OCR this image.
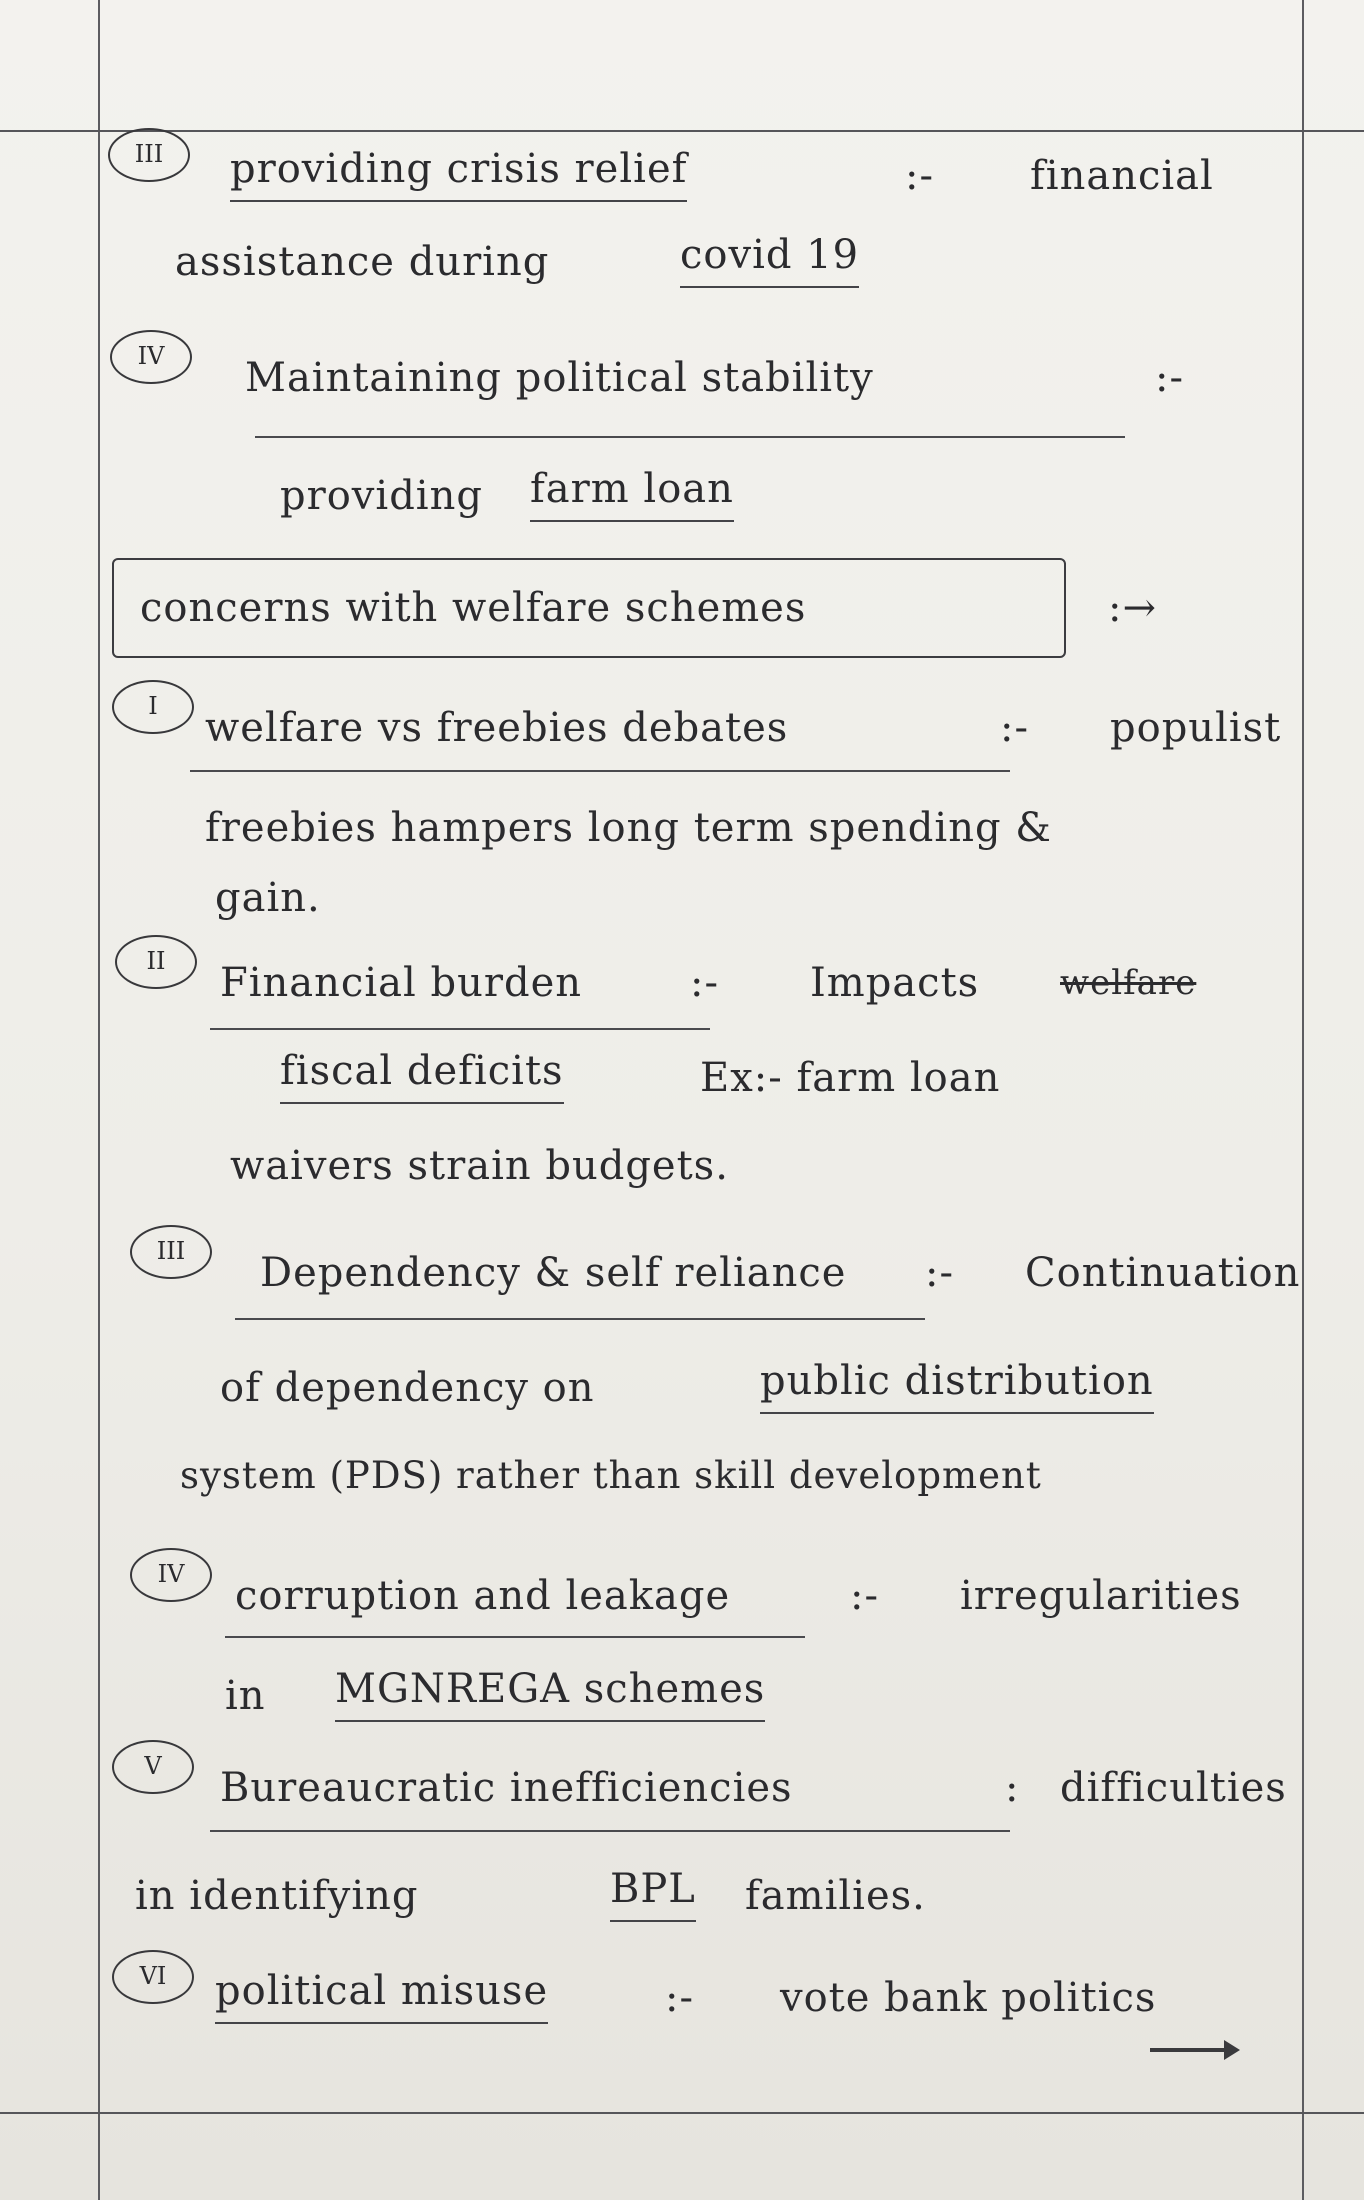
III	providing crisis relief	:- financial
assistance during	covid 19
IV	Maintaining political stability	:-
providing farm loan
concerns with welfare schemes	:→
I	welfare vs freebies debates	:- populist
freebies hampers long term spending &
gain.
II	Financial burden	:- Impacts welfare
fiscal deficits	Ex:- farm loan
waivers strain budgets.
III	Dependency & self reliance :- Continuation
of dependency on	public distribution
system (PDS) rather than skill development
IV	corruption and leakage	:- irregularities
in MGNREGA schemes
V	Bureaucratic inefficiencies	: difficulties
in identifying	BPL families.
VI	political misuse	:- vote bank politics
